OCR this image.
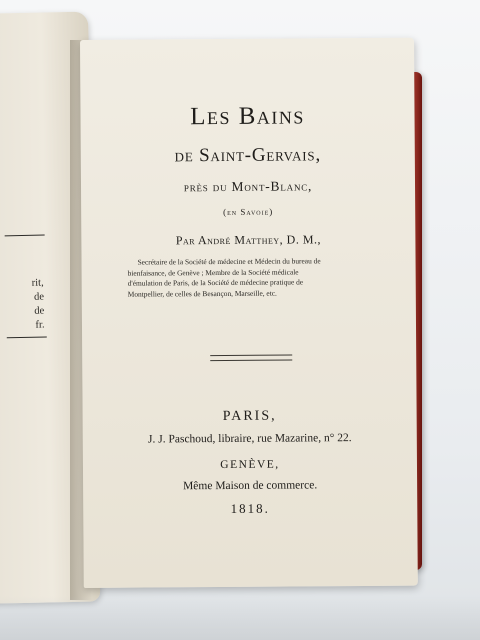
rit,
de
de
fr.
Les Bains
de Saint-Gervais,
près du Mont-Blanc,
(en Savoie)
Par André Matthey, D. M.,
Secrétaire de la Société de médecine et Médecin du bureau de
bienfaisance, de Genève ; Membre de la Société médicale
d'émulation de Paris, de la Société de médecine pratique de
Montpellier, de celles de Besançon, Marseille, etc.
PARIS,
J. J. Paschoud, libraire, rue Mazarine, n° 22.
GENÈVE,
Même Maison de commerce.
1818.
